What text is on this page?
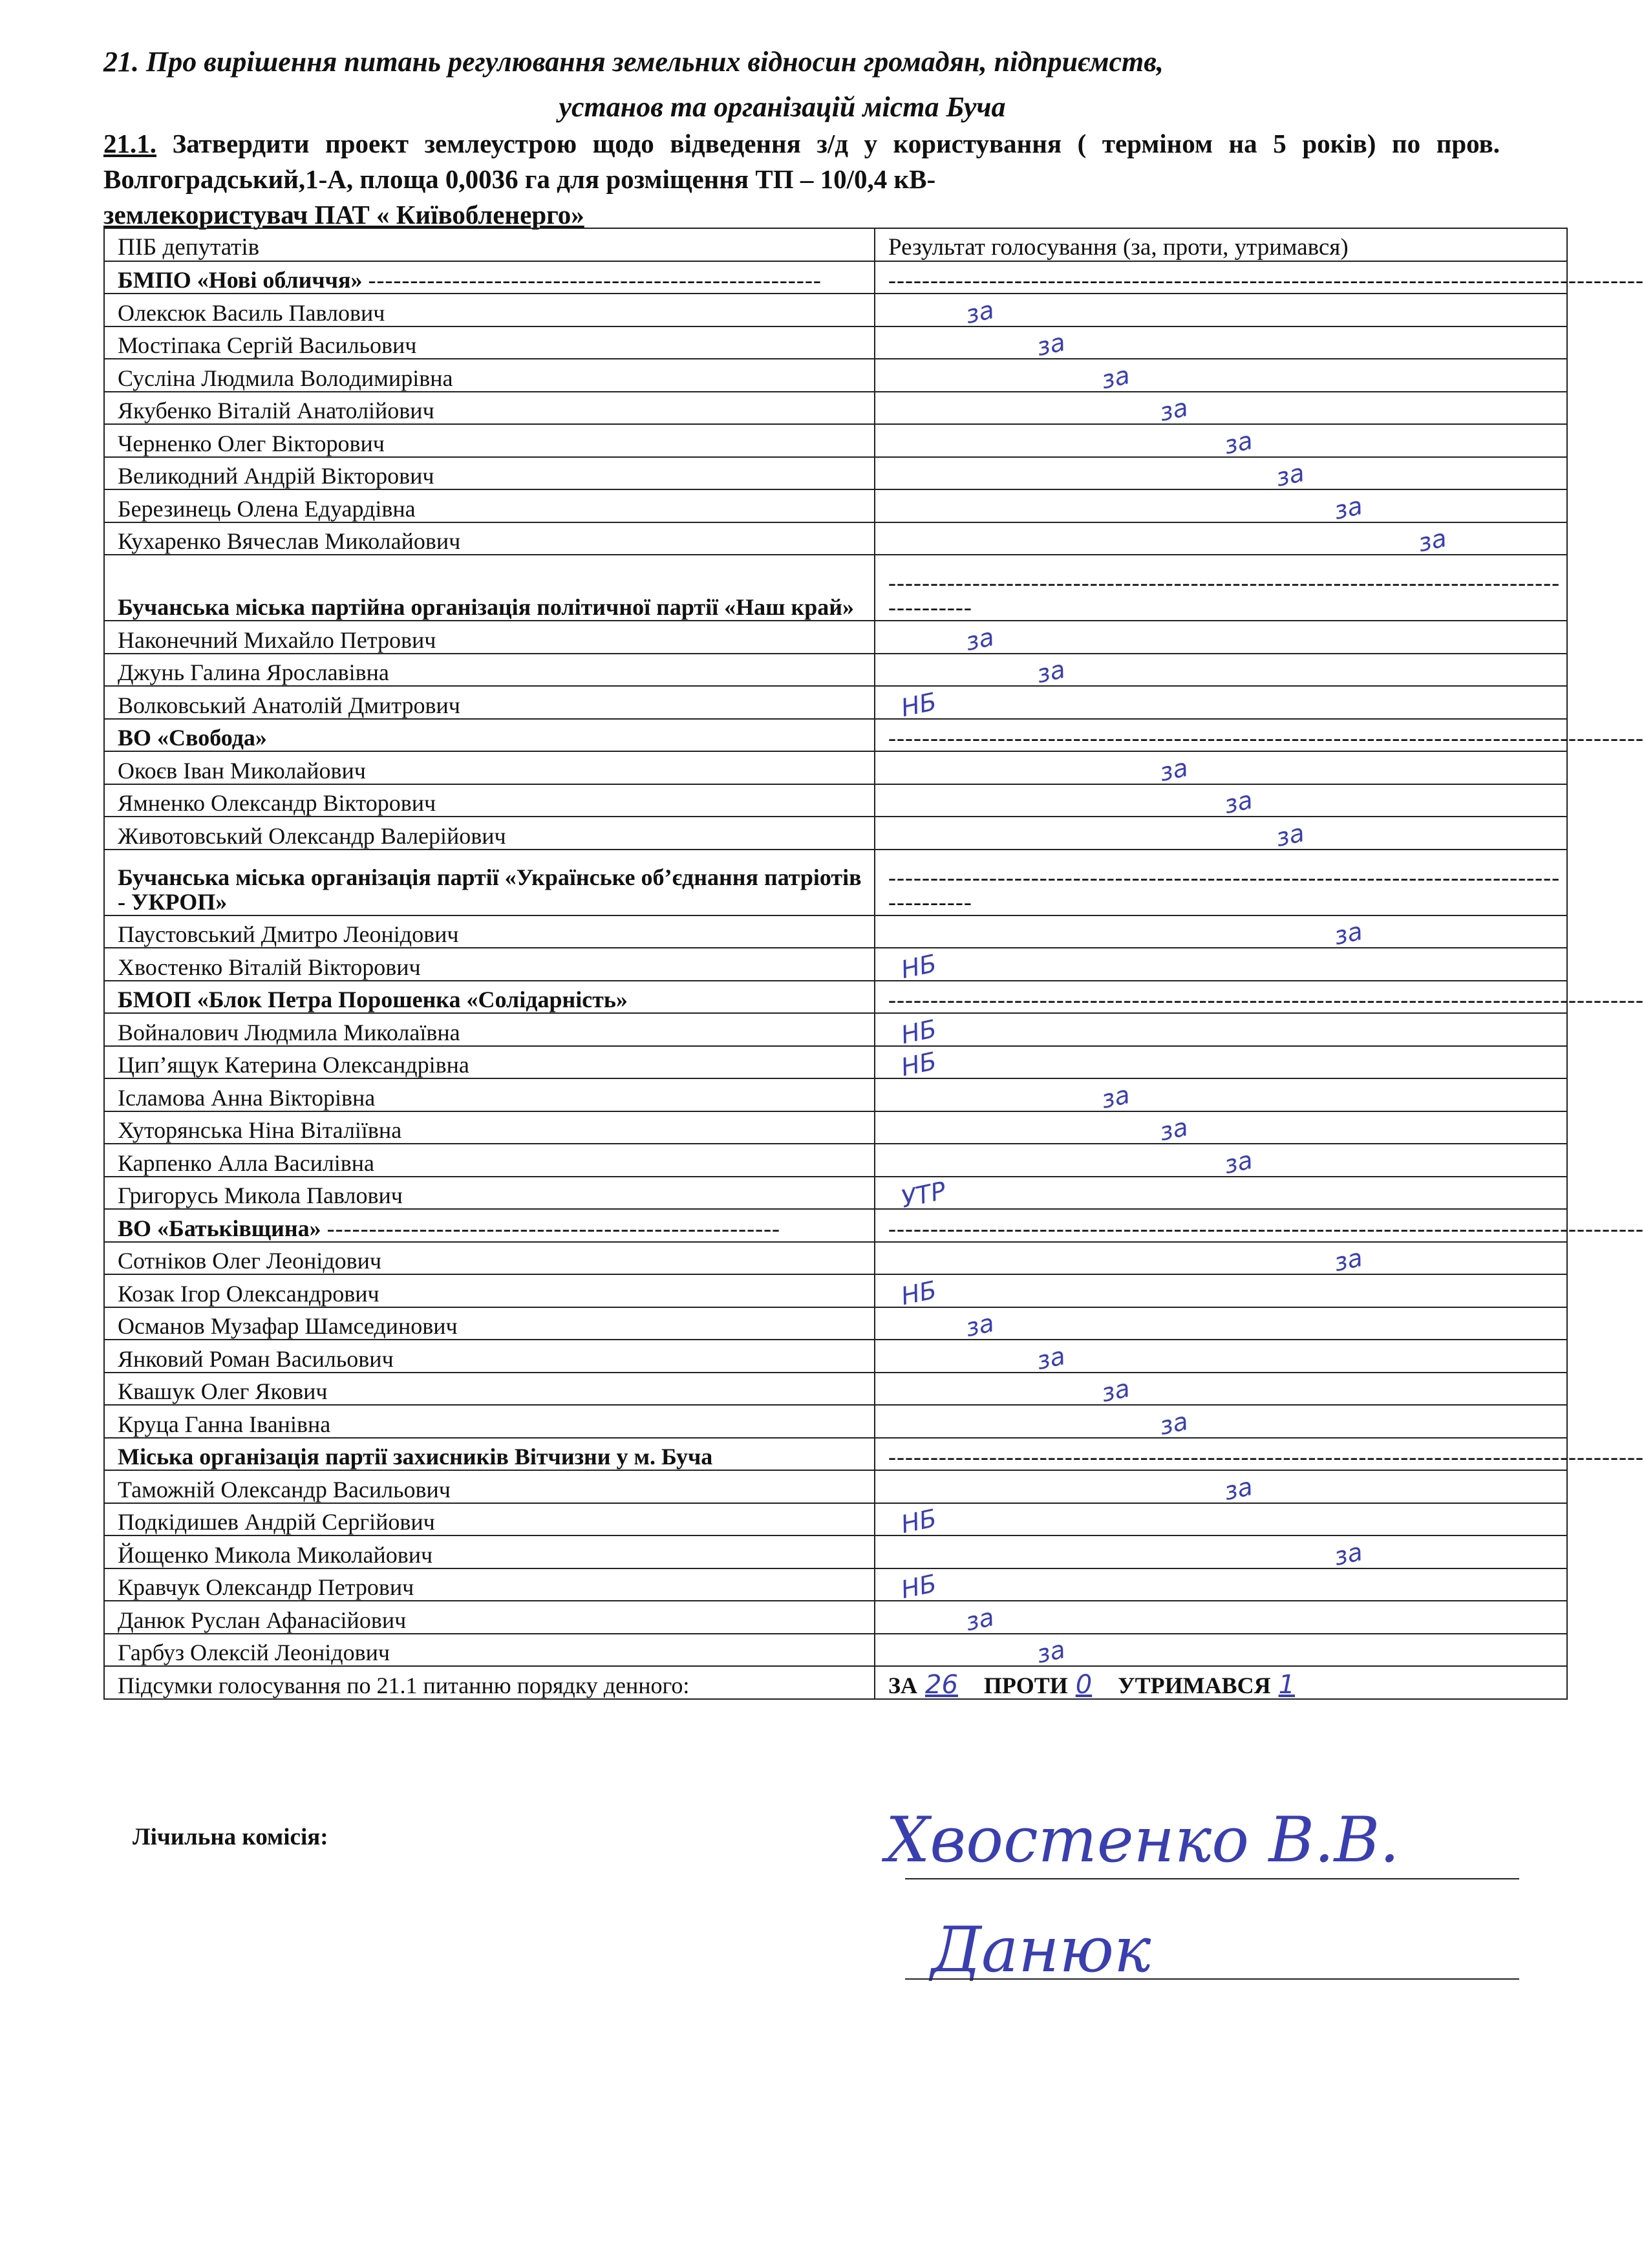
21. Про вирішення питань регулювання земельних відносин громадян, підприємств,
установ та організацій міста Буча
21.1. Затвердити проект землеустрою щодо відведення з/д у користування ( терміном на 5 років) по пров. Волгоградський,1-А, площа 0,0036 га для розміщення ТП – 10/0,4 кВ-
землекористувач ПАТ « Київобленерго»
ПІБ депутатів	Результат голосування (за, проти, утримався)
БМПО «Нові обличчя» ------------------------------------------------------	------------------------------------------------------------------------------------------
Олексюк Василь Павлович	за
Мостіпака Сергій Васильович	за
Сусліна Людмила Володимирівна	за
Якубенко Віталій Анатолійович	за
Черненко Олег Вікторович	за
Великодний Андрій Вікторович	за
Березинець Олена Едуардівна	за
Кухаренко Вячеслав Миколайович	за
Бучанська міська партійна організація політичної партії «Наш край»	------------------------------------------------------------------------------------------
Наконечний Михайло Петрович	за
Джунь Галина Ярославівна	за
Волковський Анатолій Дмитрович	НБ
ВО «Свобода»	------------------------------------------------------------------------------------------
Окоєв Іван Миколайович	за
Ямненко Олександр Вікторович	за
Животовський Олександр Валерійович	за
Бучанська міська організація партії «Українське об’єднання патріотів - УКРОП»	------------------------------------------------------------------------------------------
Паустовський Дмитро Леонідович	за
Хвостенко Віталій Вікторович	НБ
БМОП «Блок Петра Порошенка «Солідарність»	------------------------------------------------------------------------------------------
Войналович Людмила Миколаївна	НБ
Цип’ящук Катерина Олександрівна	НБ
Ісламова Анна Вікторівна	за
Хуторянська Ніна Віталіївна	за
Карпенко Алла Василівна	за
Григорусь Микола Павлович	УТР
ВО «Батьківщина» ------------------------------------------------------	------------------------------------------------------------------------------------------
Сотніков Олег Леонідович	за
Козак Ігор Олександрович	НБ
Османов Музафар Шамсединович	за
Янковий Роман Васильович	за
Квашук Олег Якович	за
Круца Ганна Іванівна	за
Міська організація партії захисників Вітчизни у м. Буча	------------------------------------------------------------------------------------------
Таможній Олександр Васильович	за
Подкідишев Андрій Сергійович	НБ
Йощенко Микола Миколайович	за
Кравчук Олександр Петрович	НБ
Данюк Руслан Афанасійович	за
Гарбуз Олексій Леонідович	за
Підсумки голосування по 21.1 питанню порядку денного:	ЗА 26 ПРОТИ 0 УТРИМАВСЯ 1
Лічильна комісія:	Хвостенко В.В.
Данюк
